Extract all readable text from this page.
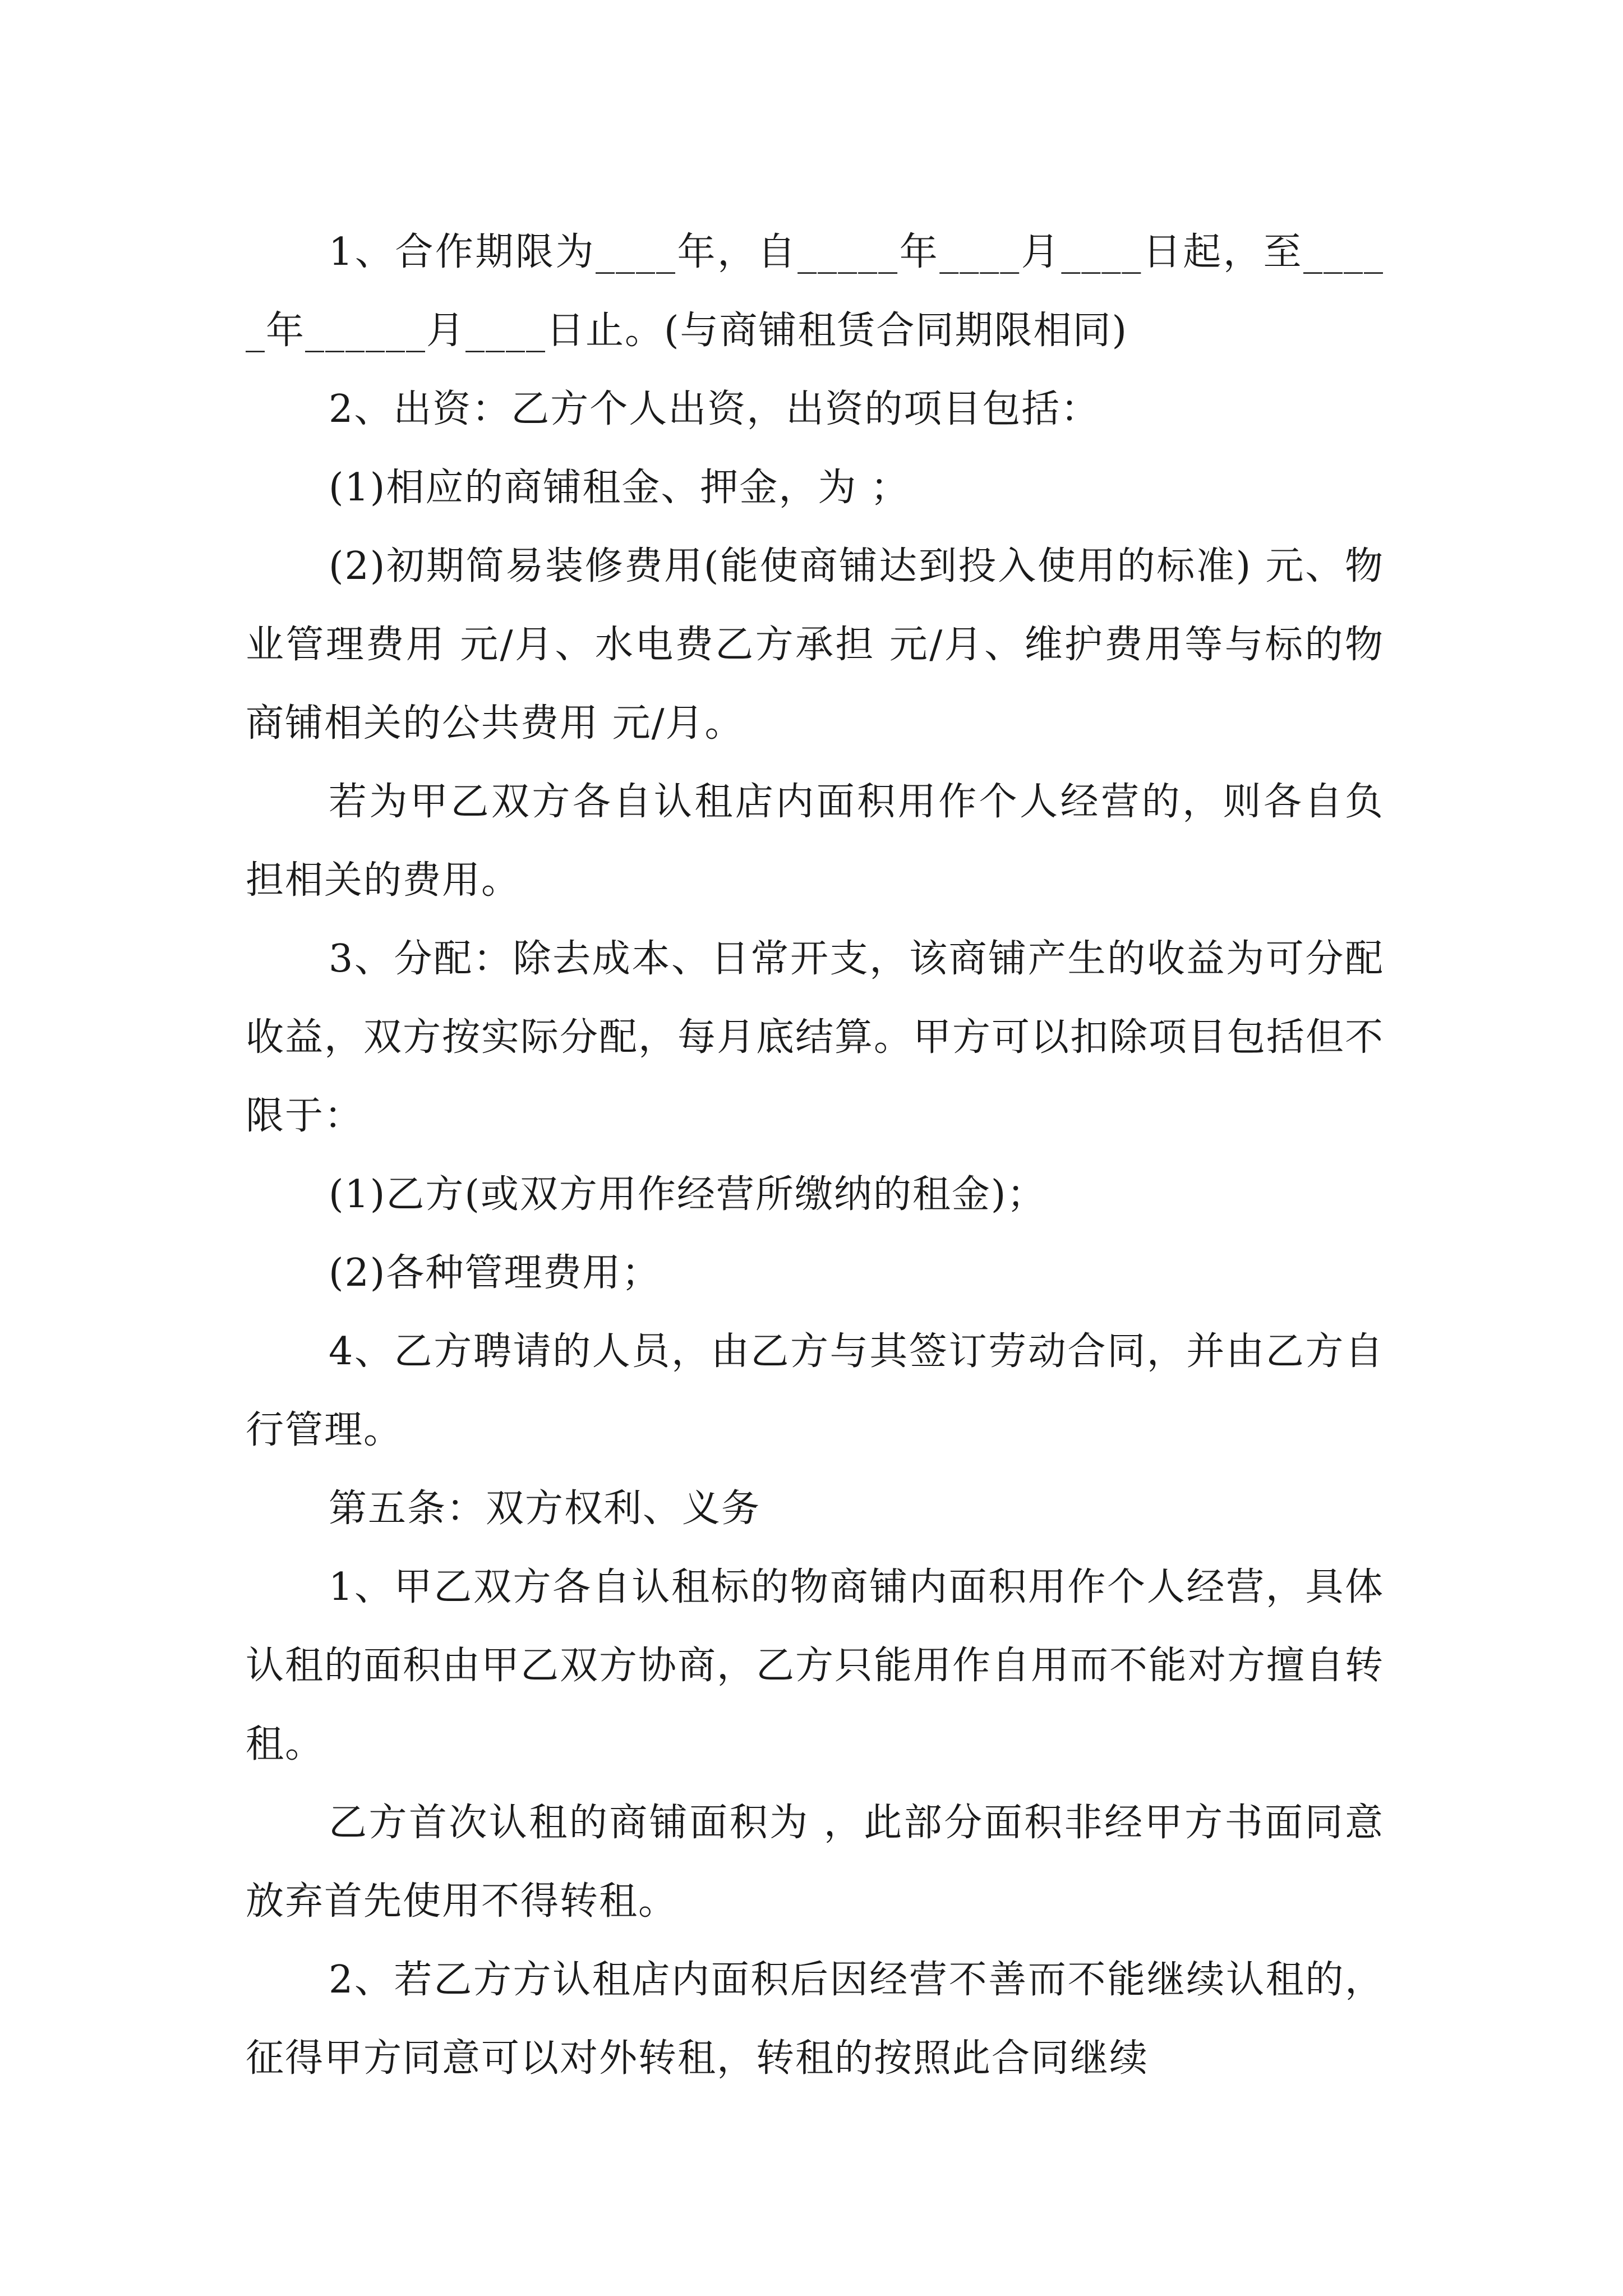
1、合作期限为____年，自_____年____月____日起，至_____年______月____日止。(与商铺租赁合同期限相同)

2、出资：乙方个人出资，出资的项目包括：

(1)相应的商铺租金、押金，为 ；

(2)初期简易装修费用(能使商铺达到投入使用的标准) 元、物业管理费用 元/月、水电费乙方承担 元/月、维护费用等与标的物商铺相关的公共费用 元/月。

若为甲乙双方各自认租店内面积用作个人经营的，则各自负担相关的费用。

3、分配：除去成本、日常开支，该商铺产生的收益为可分配收益，双方按实际分配，每月底结算。甲方可以扣除项目包括但不限于：

(1)乙方(或双方用作经营所缴纳的租金)；

(2)各种管理费用；

4、乙方聘请的人员，由乙方与其签订劳动合同，并由乙方自行管理。

第五条：双方权利、义务

1、甲乙双方各自认租标的物商铺内面积用作个人经营，具体认租的面积由甲乙双方协商，乙方只能用作自用而不能对方擅自转租。

乙方首次认租的商铺面积为 ，此部分面积非经甲方书面同意放弃首先使用不得转租。

2、若乙方方认租店内面积后因经营不善而不能继续认租的，征得甲方同意可以对外转租，转租的按照此合同继续
